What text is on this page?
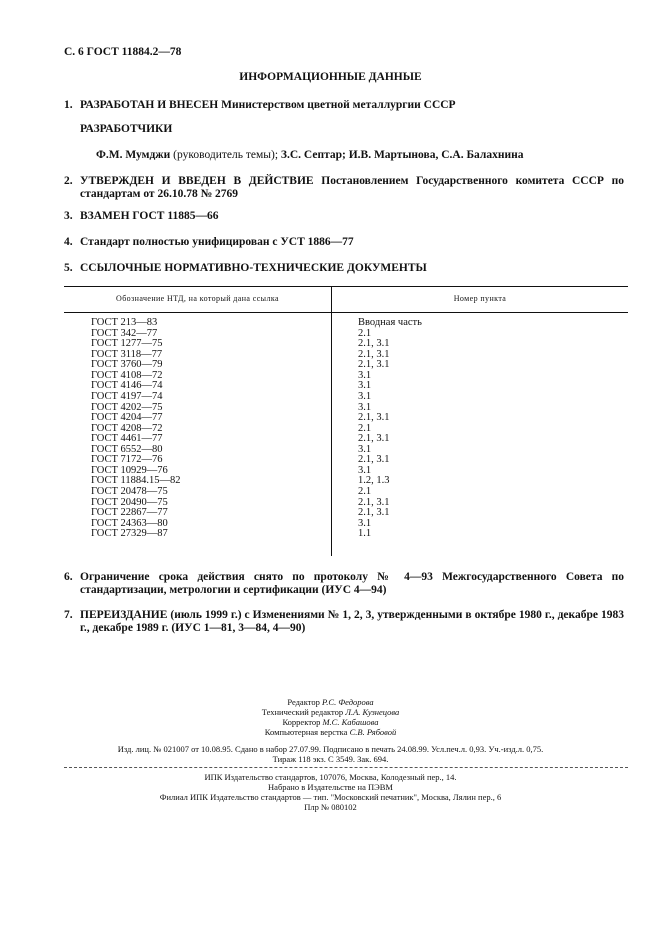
С. 6 ГОСТ 11884.2—78
ИНФОРМАЦИОННЫЕ ДАННЫЕ
1. РАЗРАБОТАН И ВНЕСЕН Министерством цветной металлургии СССР
РАЗРАБОТЧИКИ
Ф.М. Мумджи (руководитель темы); З.С. Септар; И.В. Мартынова, С.А. Балахнина
2. УТВЕРЖДЕН И ВВЕДЕН В ДЕЙСТВИЕ Постановлением Государственного комитета СССР по стандартам от 26.10.78 № 2769
3. ВЗАМЕН ГОСТ 11885—66
4. Стандарт полностью унифицирован с УСТ 1886—77
5. ССЫЛОЧНЫЕ НОРМАТИВНО-ТЕХНИЧЕСКИЕ ДОКУМЕНТЫ
Обозначение НТД, на который дана ссылка	Номер пункта
ГОСТ 213—83
ГОСТ 342—77
ГОСТ 1277—75
ГОСТ 3118—77
ГОСТ 3760—79
ГОСТ 4108—72
ГОСТ 4146—74
ГОСТ 4197—74
ГОСТ 4202—75
ГОСТ 4204—77
ГОСТ 4208—72
ГОСТ 4461—77
ГОСТ 6552—80
ГОСТ 7172—76
ГОСТ 10929—76
ГОСТ 11884.15—82
ГОСТ 20478—75
ГОСТ 20490—75
ГОСТ 22867—77
ГОСТ 24363—80
ГОСТ 27329—87
Вводная часть
2.1
2.1, 3.1
2.1, 3.1
2.1, 3.1
3.1
3.1
3.1
3.1
2.1, 3.1
2.1
2.1, 3.1
3.1
2.1, 3.1
3.1
1.2, 1.3
2.1
2.1, 3.1
2.1, 3.1
3.1
1.1
6. Ограничение срока действия снято по протоколу № 4—93 Межгосударственного Совета по стандартизации, метрологии и сертификации (ИУС 4—94)
7. ПЕРЕИЗДАНИЕ (июль 1999 г.) с Изменениями № 1, 2, 3, утвержденными в октябре 1980 г., декабре 1983 г., декабре 1989 г. (ИУС 1—81, 3—84, 4—90)
Редактор Р.С. Федорова
Технический редактор Л.А. Кузнецова
Корректор М.С. Кабашова
Компьютерная верстка С.В. Рябовой
Изд. лиц. № 021007 от 10.08.95. Сдано в набор 27.07.99. Подписано в печать 24.08.99. Усл.печ.л. 0,93. Уч.-изд.л. 0,75.
Тираж 118 экз. С 3549. Зак. 694.
ИПК Издательство стандартов, 107076, Москва, Колодезный пер., 14.
Набрано в Издательстве на ПЭВМ
Филиал ИПК Издательство стандартов — тип. "Московский печатник", Москва, Лялин пер., 6
Плр № 080102
